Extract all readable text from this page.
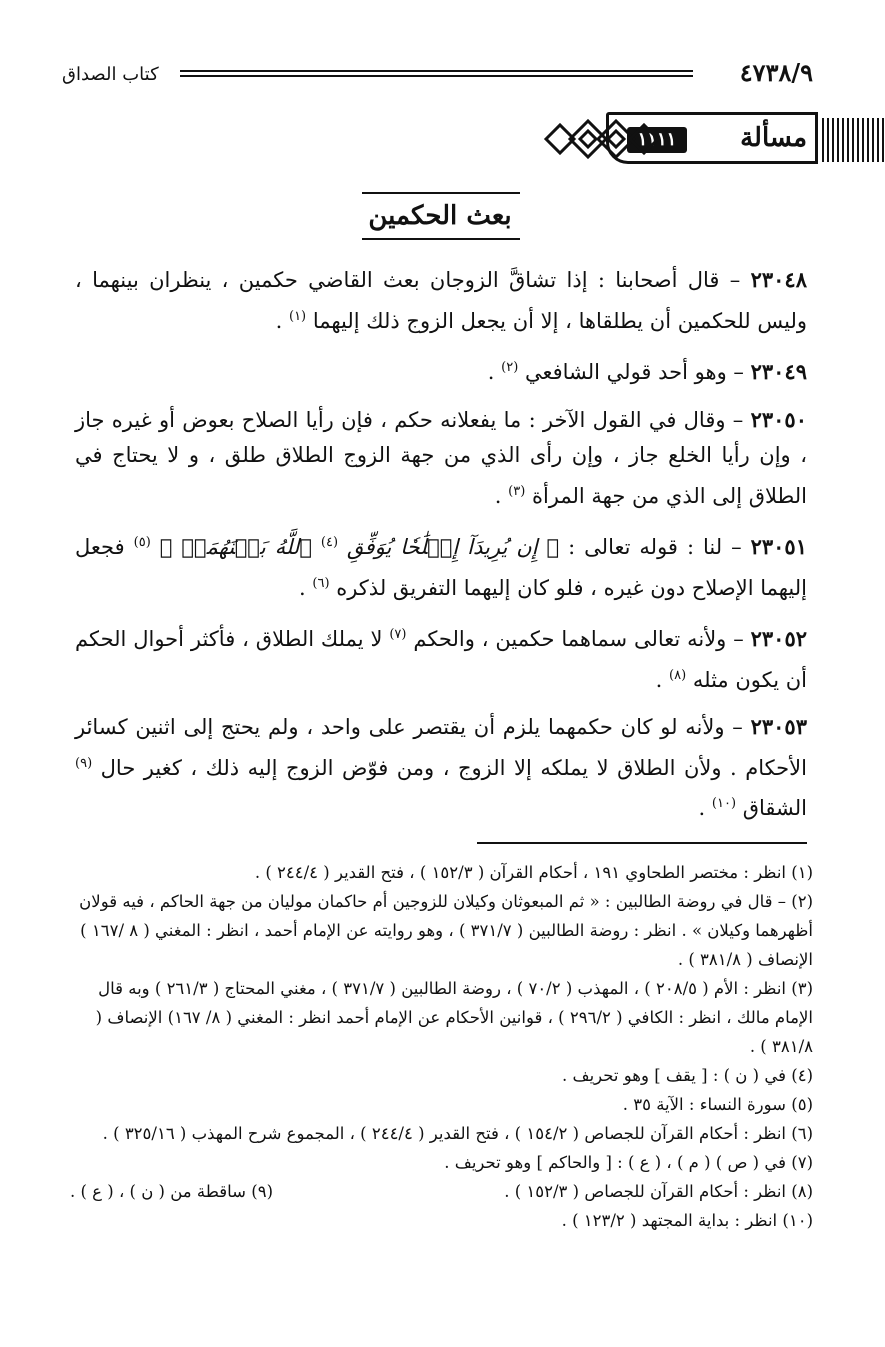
٤٧٣٨/٩
كتاب الصداق
مسألة
١١١١
بعث الحكمين

٢٣٠٤٨ – قال أصحابنا : إذا تشاقَّ الزوجان بعث القاضي حكمين ، ينظران بينهما ، وليس للحكمين أن يطلقاها ، إلا أن يجعل الزوج ذلك إليهما $^{(١)}$ .

٢٣٠٤٩ – وهو أحد قولي الشافعي $^{(٢)}$ .

٢٣٠٥٠ – وقال في القول الآخر : ما يفعلانه حكم ، فإن رأيا الصلاح بعوض أو غيره جاز ، وإن رأيا الخلع جاز ، وإن رأى الذي من جهة الزوج الطلاق طلق ، و لا يحتاج في الطلاق إلى الذي من جهة المرأة $^{(٣)}$ .

٢٣٠٥١ – لنا : قوله تعالى : ﴿ إِن يُرِيدَآ إِصۡلَٰحٗا يُوَفِّقِ $^{(٤)}$ ٱللَّهُ بَيۡنَهُمَآۗ ﴾ $^{(٥)}$ فجعل إليهما الإصلاح دون غيره ، فلو كان إليهما التفريق لذكره $^{(٦)}$ .

٢٣٠٥٢ – ولأنه تعالى سماهما حكمين ، والحكم $^{(٧)}$ لا يملك الطلاق ، فأكثر أحوال الحكم أن يكون مثله $^{(٨)}$ .

٢٣٠٥٣ – ولأنه لو كان حكمهما يلزم أن يقتصر على واحد ، ولم يحتج إلى اثنين كسائر الأحكام . ولأن الطلاق لا يملكه إلا الزوج ، ومن فوّض الزوج إليه ذلك ، كغير حال $^{(٩)}$ الشقاق $^{(١٠)}$ .

(١) انظر : مختصر الطحاوي ١٩١ ، أحكام القرآن ( ١٥٢/٣ ) ، فتح القدير ( ٢٤٤/٤ ) .

(٢) – قال في روضة الطالبين : « ثم المبعوثان وكيلان للزوجين أم حاكمان موليان من جهة الحاكم ، فيه قولان أظهرهما وكيلان » . انظر : روضة الطالبين ( ٣٧١/٧ ) ، وهو روايته عن الإمام أحمد ، انظر : المغني ( ٨ /١٦٧ ) الإنصاف ( ٣٨١/٨ ) .

(٣) انظر : الأم ( ٢٠٨/٥ ) ، المهذب ( ٧٠/٢ ) ، روضة الطالبين ( ٣٧١/٧ ) ، مغني المحتاج ( ٢٦١/٣ ) وبه قال الإمام مالك ، انظر : الكافي ( ٢٩٦/٢ ) ، قوانين الأحكام عن الإمام أحمد انظر : المغني ( ٨/ ١٦٧) الإنصاف ( ٣٨١/٨ ) .

(٤) في ( ن ) : [ يقف ] وهو تحريف .

(٥) سورة النساء : الآية ٣٥ .

(٦) انظر : أحكام القرآن للجصاص ( ١٥٤/٢ ) ، فتح القدير ( ٢٤٤/٤ ) ، المجموع شرح المهذب ( ٣٢٥/١٦ ) .

(٧) في ( ص ) ( م ) ، ( ع ) : [ والحاكم ] وهو تحريف .

(٨) انظر : أحكام القرآن للجصاص ( ١٥٢/٣ ) .
(٩) ساقطة من ( ن ) ، ( ع ) .

(١٠) انظر : بداية المجتهد ( ١٢٣/٢ ) .
